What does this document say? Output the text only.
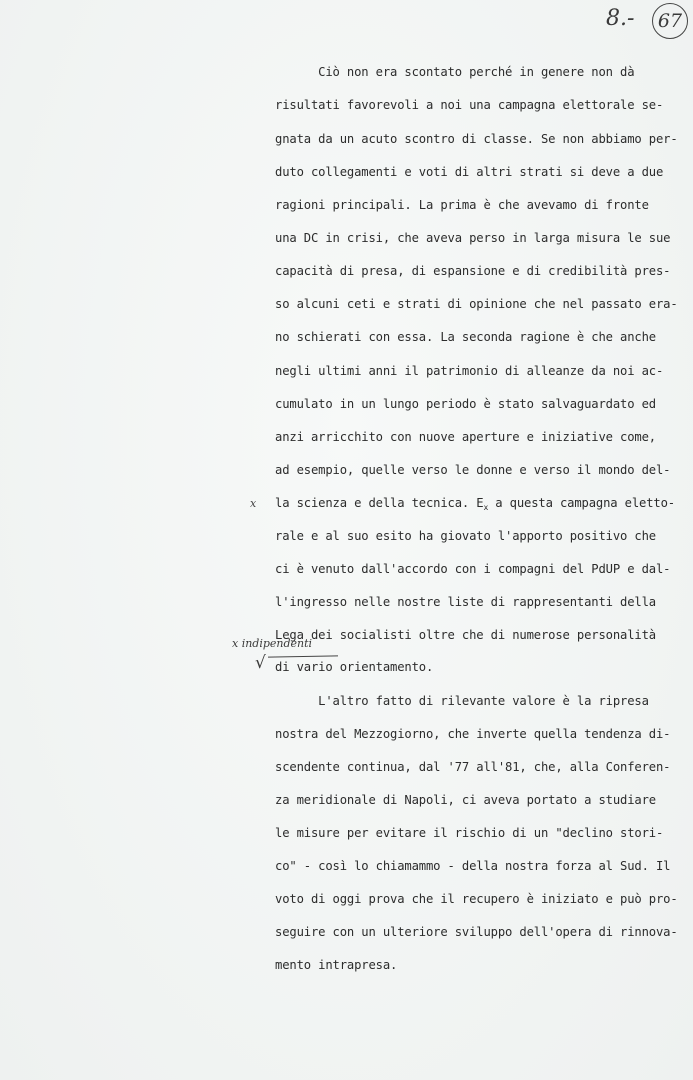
8.-	67
Ciò non era scontato perché in genere non dà
risultati favorevoli a noi una campagna elettorale se-
gnata da un acuto scontro di classe. Se non abbiamo per-
duto collegamenti e voti di altri strati si deve a due
ragioni principali. La prima è che avevamo di fronte
una DC in crisi, che aveva perso in larga misura le sue
capacità di presa, di espansione e di credibilità pres-
so alcuni ceti e strati di opinione che nel passato era-
no schierati con essa. La seconda ragione è che anche
negli ultimi anni il patrimonio di alleanze da noi ac-
cumulato in un lungo periodo è stato salvaguardato ed
anzi arricchito con nuove aperture e iniziative come,
ad esempio, quelle verso le donne e verso il mondo del-
la scienza e della tecnica. $E_x$ a questa campagna eletto-
rale e al suo esito ha giovato l'apporto positivo che
ci è venuto dall'accordo con i compagni del PdUP e dal-
l'ingresso nelle nostre liste di rappresentanti della
Lega dei socialisti oltre che di numerose personalità
di vario orientamento.
L'altro fatto di rilevante valore è la ripresa
nostra del Mezzogiorno, che inverte quella tendenza di-
scendente continua, dal '77 all'81, che, alla Conferen-
za meridionale di Napoli, ci aveva portato a studiare
le misure per evitare il rischio di un "declino stori-
co" - così lo chiamammo - della nostra forza al Sud. Il
voto di oggi prova che il recupero è iniziato e può pro-
seguire con un ulteriore sviluppo dell'opera di rinnova-
mento intrapresa.
x
x indipendenti
√
